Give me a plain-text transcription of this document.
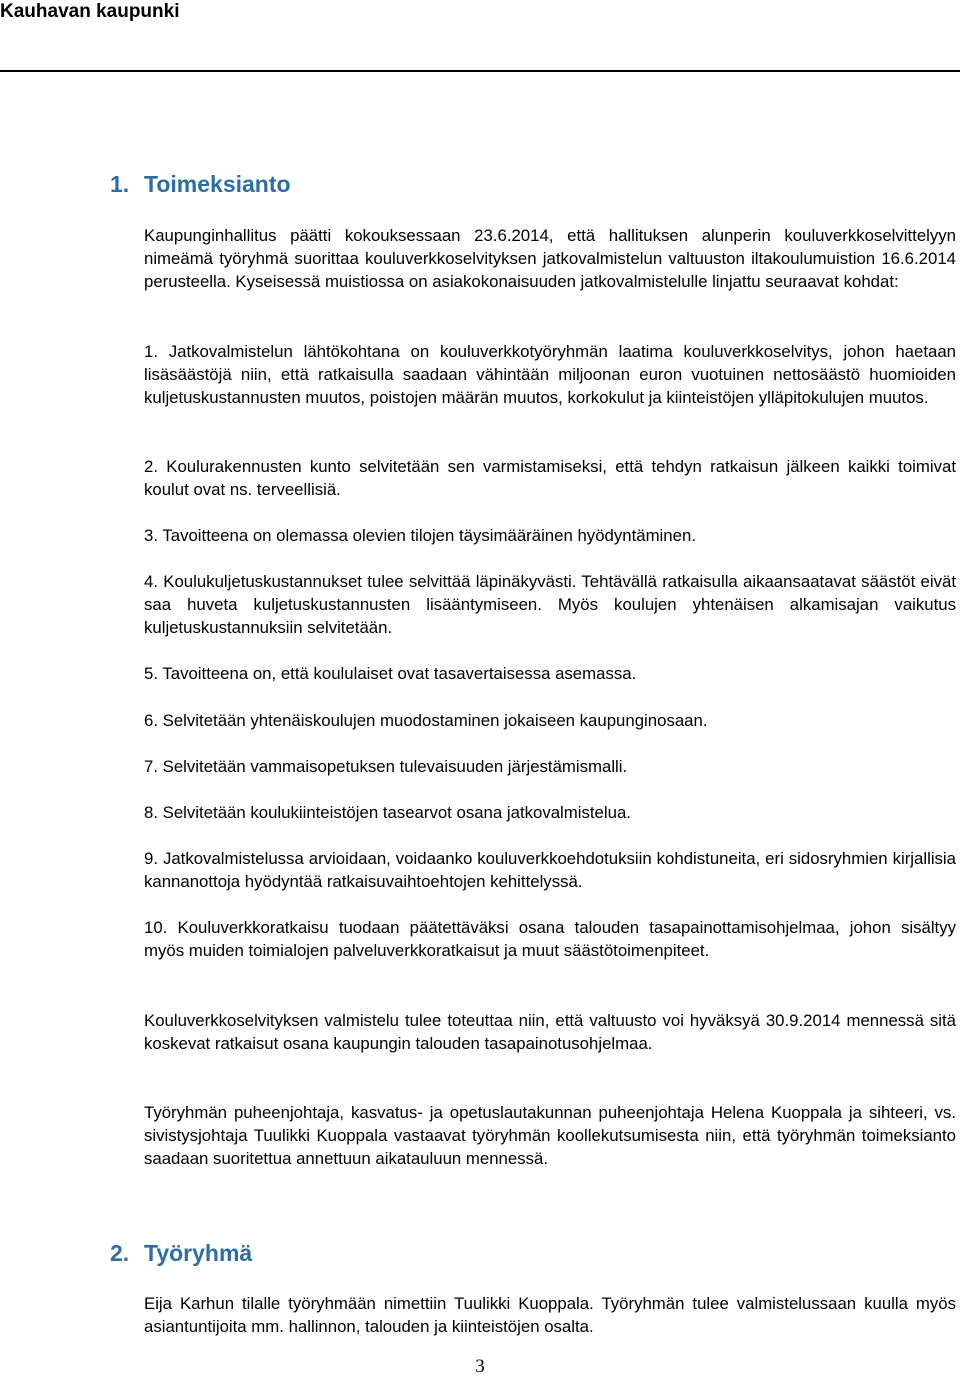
Kauhavan kaupunki
1. Toimeksianto

Kaupunginhallitus päätti kokouksessaan 23.6.2014, että hallituksen alunperin kouluverkkoselvittelyyn nimeämä työryhmä suorittaa kouluverkkoselvityksen jatkovalmistelun valtuuston iltakoulumuistion 16.6.2014 perusteella. Kyseisessä muistiossa on asiakokonaisuuden jatkovalmistelulle linjattu seuraavat kohdat:

1. Jatkovalmistelun lähtökohtana on kouluverkkotyöryhmän laatima kouluverkkoselvitys, johon haetaan lisäsäästöjä niin, että ratkaisulla saadaan vähintään miljoonan euron vuotuinen nettosäästö huomioiden kuljetuskustannusten muutos, poistojen määrän muutos, korkokulut ja kiinteistöjen ylläpitokulujen muutos.

2. Koulurakennusten kunto selvitetään sen varmistamiseksi, että tehdyn ratkaisun jälkeen kaikki toimivat koulut ovat ns. terveellisiä.

3. Tavoitteena on olemassa olevien tilojen täysimääräinen hyödyntäminen.

4. Koulukuljetuskustannukset tulee selvittää läpinäkyvästi. Tehtävällä ratkaisulla aikaansaatavat säästöt eivät saa huveta kuljetuskustannusten lisääntymiseen. Myös koulujen yhtenäisen alkamisajan vaikutus kuljetuskustannuksiin selvitetään.

5. Tavoitteena on, että koululaiset ovat tasavertaisessa asemassa.

6. Selvitetään yhtenäiskoulujen muodostaminen jokaiseen kaupunginosaan.

7. Selvitetään vammaisopetuksen tulevaisuuden järjestämismalli.

8. Selvitetään koulukiinteistöjen tasearvot osana jatkovalmistelua.

9. Jatkovalmistelussa arvioidaan, voidaanko kouluverkkoehdotuksiin kohdistuneita, eri sidosryhmien kirjallisia kannanottoja hyödyntää ratkaisuvaihtoehtojen kehittelyssä.

10. Kouluverkkoratkaisu tuodaan päätettäväksi osana talouden tasapainottamisohjelmaa, johon sisältyy myös muiden toimialojen palveluverkkoratkaisut ja muut säästötoimenpiteet.

Kouluverkkoselvityksen valmistelu tulee toteuttaa niin, että valtuusto voi hyväksyä 30.9.2014 mennessä sitä koskevat ratkaisut osana kaupungin talouden tasapainotusohjelmaa.

Työryhmän puheenjohtaja, kasvatus- ja opetuslautakunnan puheenjohtaja Helena Kuoppala ja sihteeri, vs. sivistysjohtaja Tuulikki Kuoppala vastaavat työryhmän koollekutsumisesta niin, että työryhmän toimeksianto saadaan suoritettua annettuun aikatauluun mennessä.

2. Työryhmä

Eija Karhun tilalle työryhmään nimettiin Tuulikki Kuoppala. Työryhmän tulee valmistelussaan kuulla myös asiantuntijoita mm. hallinnon, talouden ja kiinteistöjen osalta.

3
